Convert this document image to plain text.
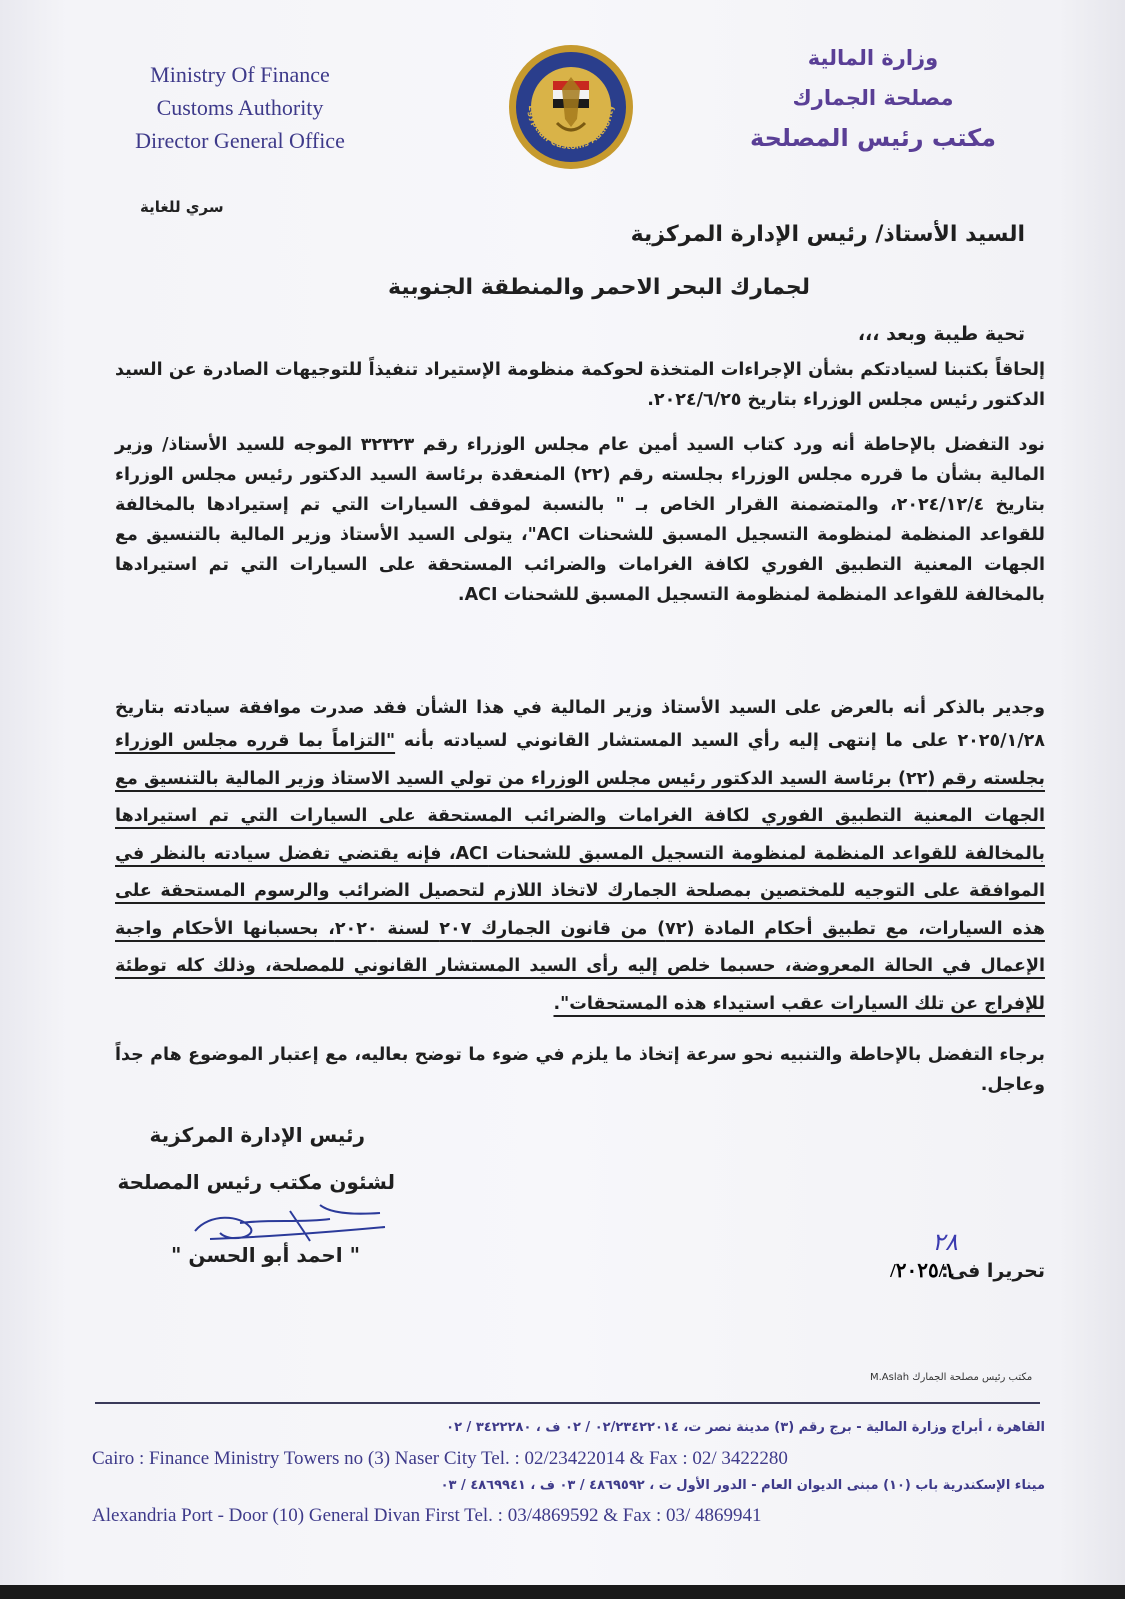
Ministry Of Finance
Customs Authority
Director General Office
Egyptian Customs Authority
وزارة المالية
مصلحة الجمارك
مكتب رئيس المصلحة
سري للغاية
السيد الأستاذ/ رئيس الإدارة المركزية
لجمارك البحر الاحمر والمنطقة الجنوبية
تحية طيبة وبعد ،،،
إلحاقاً بكتبنا لسيادتكم بشأن الإجراءات المتخذة لحوكمة منظومة الإستيراد تنفيذاً للتوجيهات الصادرة عن السيد الدكتور رئيس مجلس الوزراء بتاريخ ٢٠٢٤/٦/٢٥.
نود التفضل بالإحاطة أنه ورد كتاب السيد أمين عام مجلس الوزراء رقم ٣٢٣٢٣ الموجه للسيد الأستاذ/ وزير المالية بشأن ما قرره مجلس الوزراء بجلسته رقم (٢٢) المنعقدة برئاسة السيد الدكتور رئيس مجلس الوزراء بتاريخ ٢٠٢٤/١٢/٤، والمتضمنة القرار الخاص بـ " بالنسبة لموقف السيارات التي تم إستيرادها بالمخالفة للقواعد المنظمة لمنظومة التسجيل المسبق للشحنات ACI"، يتولى السيد الأستاذ وزير المالية بالتنسيق مع الجهات المعنية التطبيق الفوري لكافة الغرامات والضرائب المستحقة على السيارات التي تم استيرادها بالمخالفة للقواعد المنظمة لمنظومة التسجيل المسبق للشحنات ACI.
وجدير بالذكر أنه بالعرض على السيد الأستاذ وزير المالية في هذا الشأن فقد صدرت موافقة سيادته بتاريخ ٢٠٢٥/١/٢٨ على ما إنتهى إليه رأي السيد المستشار القانوني لسيادته بأنه "التزاماً بما قرره مجلس الوزراء بجلسته رقم (٢٢) برئاسة السيد الدكتور رئيس مجلس الوزراء من تولي السيد الاستاذ وزير المالية بالتنسيق مع الجهات المعنية التطبيق الفوري لكافة الغرامات والضرائب المستحقة على السيارات التي تم استيرادها بالمخالفة للقواعد المنظمة لمنظومة التسجيل المسبق للشحنات ACI، فإنه يقتضي تفضل سيادته بالنظر في الموافقة على التوجيه للمختصين بمصلحة الجمارك لاتخاذ اللازم لتحصيل الضرائب والرسوم المستحقة على هذه السيارات، مع تطبيق أحكام المادة (٧٢) من قانون الجمارك ٢٠٧ لسنة ٢٠٢٠، بحسبانها الأحكام واجبة الإعمال في الحالة المعروضة، حسبما خلص إليه رأى السيد المستشار القانوني للمصلحة، وذلك كله توطئة للإفراج عن تلك السيارات عقب استيداء هذه المستحقات".
برجاء التفضل بالإحاطة والتنبيه نحو سرعة إتخاذ ما يلزم في ضوء ما توضح بعاليه، مع إعتبار الموضوع هام جداً وعاجل.
رئيس الإدارة المركزية
لشئون مكتب رئيس المصلحة
" احمد أبو الحسن "
تحريرا فى:
٢٠٢٥/١/
٢٨
M.Aslah مكتب رئيس مصلحة الجمارك
القاهرة ، أبراج وزارة المالية - برج رقم (٣) مدينة نصر ت، ٠٢/٢٣٤٢٢٠١٤ / ٠٢ ف ، ٣٤٢٢٢٨٠ / ٠٢
Cairo : Finance Ministry Towers no (3) Naser City Tel. : 02/23422014 & Fax : 02/ 3422280
ميناء الإسكندرية باب (١٠) مبنى الديوان العام - الدور الأول ت ، ٤٨٦٩٥٩٢ / ٠٣ ف ، ٤٨٦٩٩٤١ / ٠٣
Alexandria Port - Door (10) General Divan First Tel. : 03/4869592 & Fax : 03/ 4869941
